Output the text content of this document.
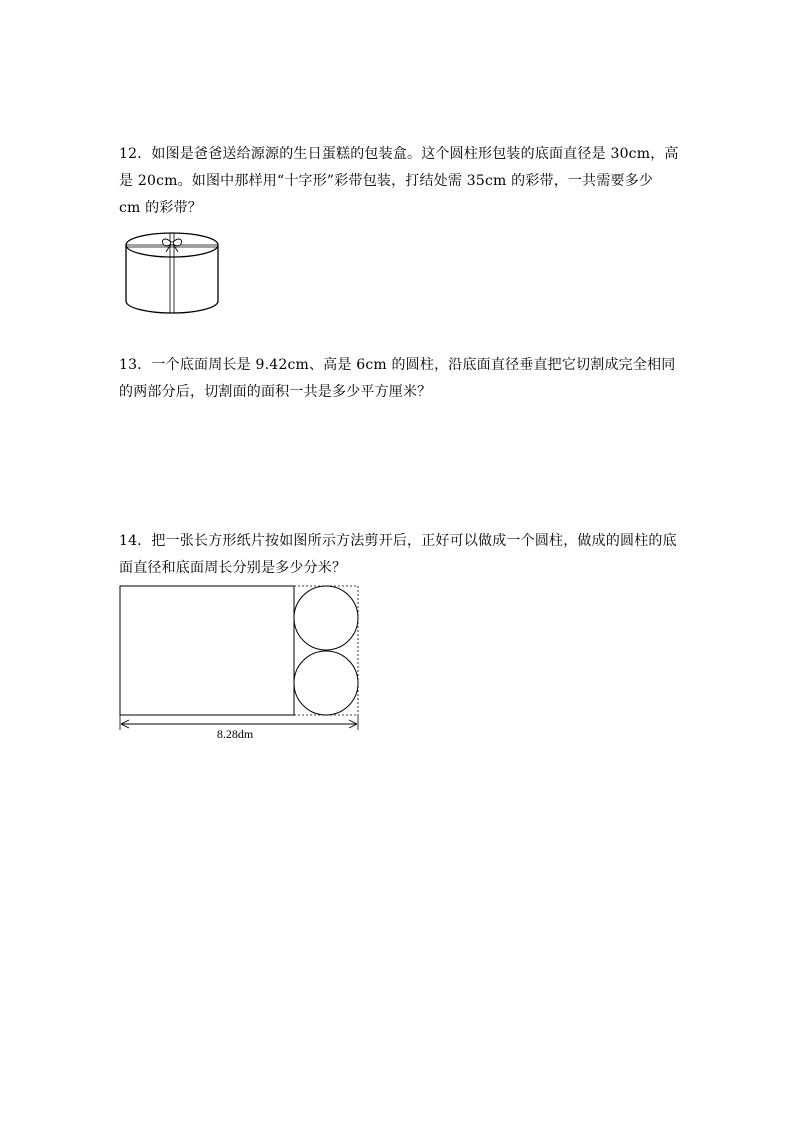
12．如图是爸爸送给源源的生日蛋糕的包装盒。这个圆柱形包装的底面直径是 30cm，高是 20cm。如图中那样用“十字形”彩带包装，打结处需 35cm 的彩带，一共需要多少 cm 的彩带？

13．一个底面周长是 9.42cm、高是 6cm 的圆柱，沿底面直径垂直把它切割成完全相同的两部分后，切割面的面积一共是多少平方厘米？

14．把一张长方形纸片按如图所示方法剪开后，正好可以做成一个圆柱，做成的圆柱的底面直径和底面周长分别是多少分米？

8.28dm
